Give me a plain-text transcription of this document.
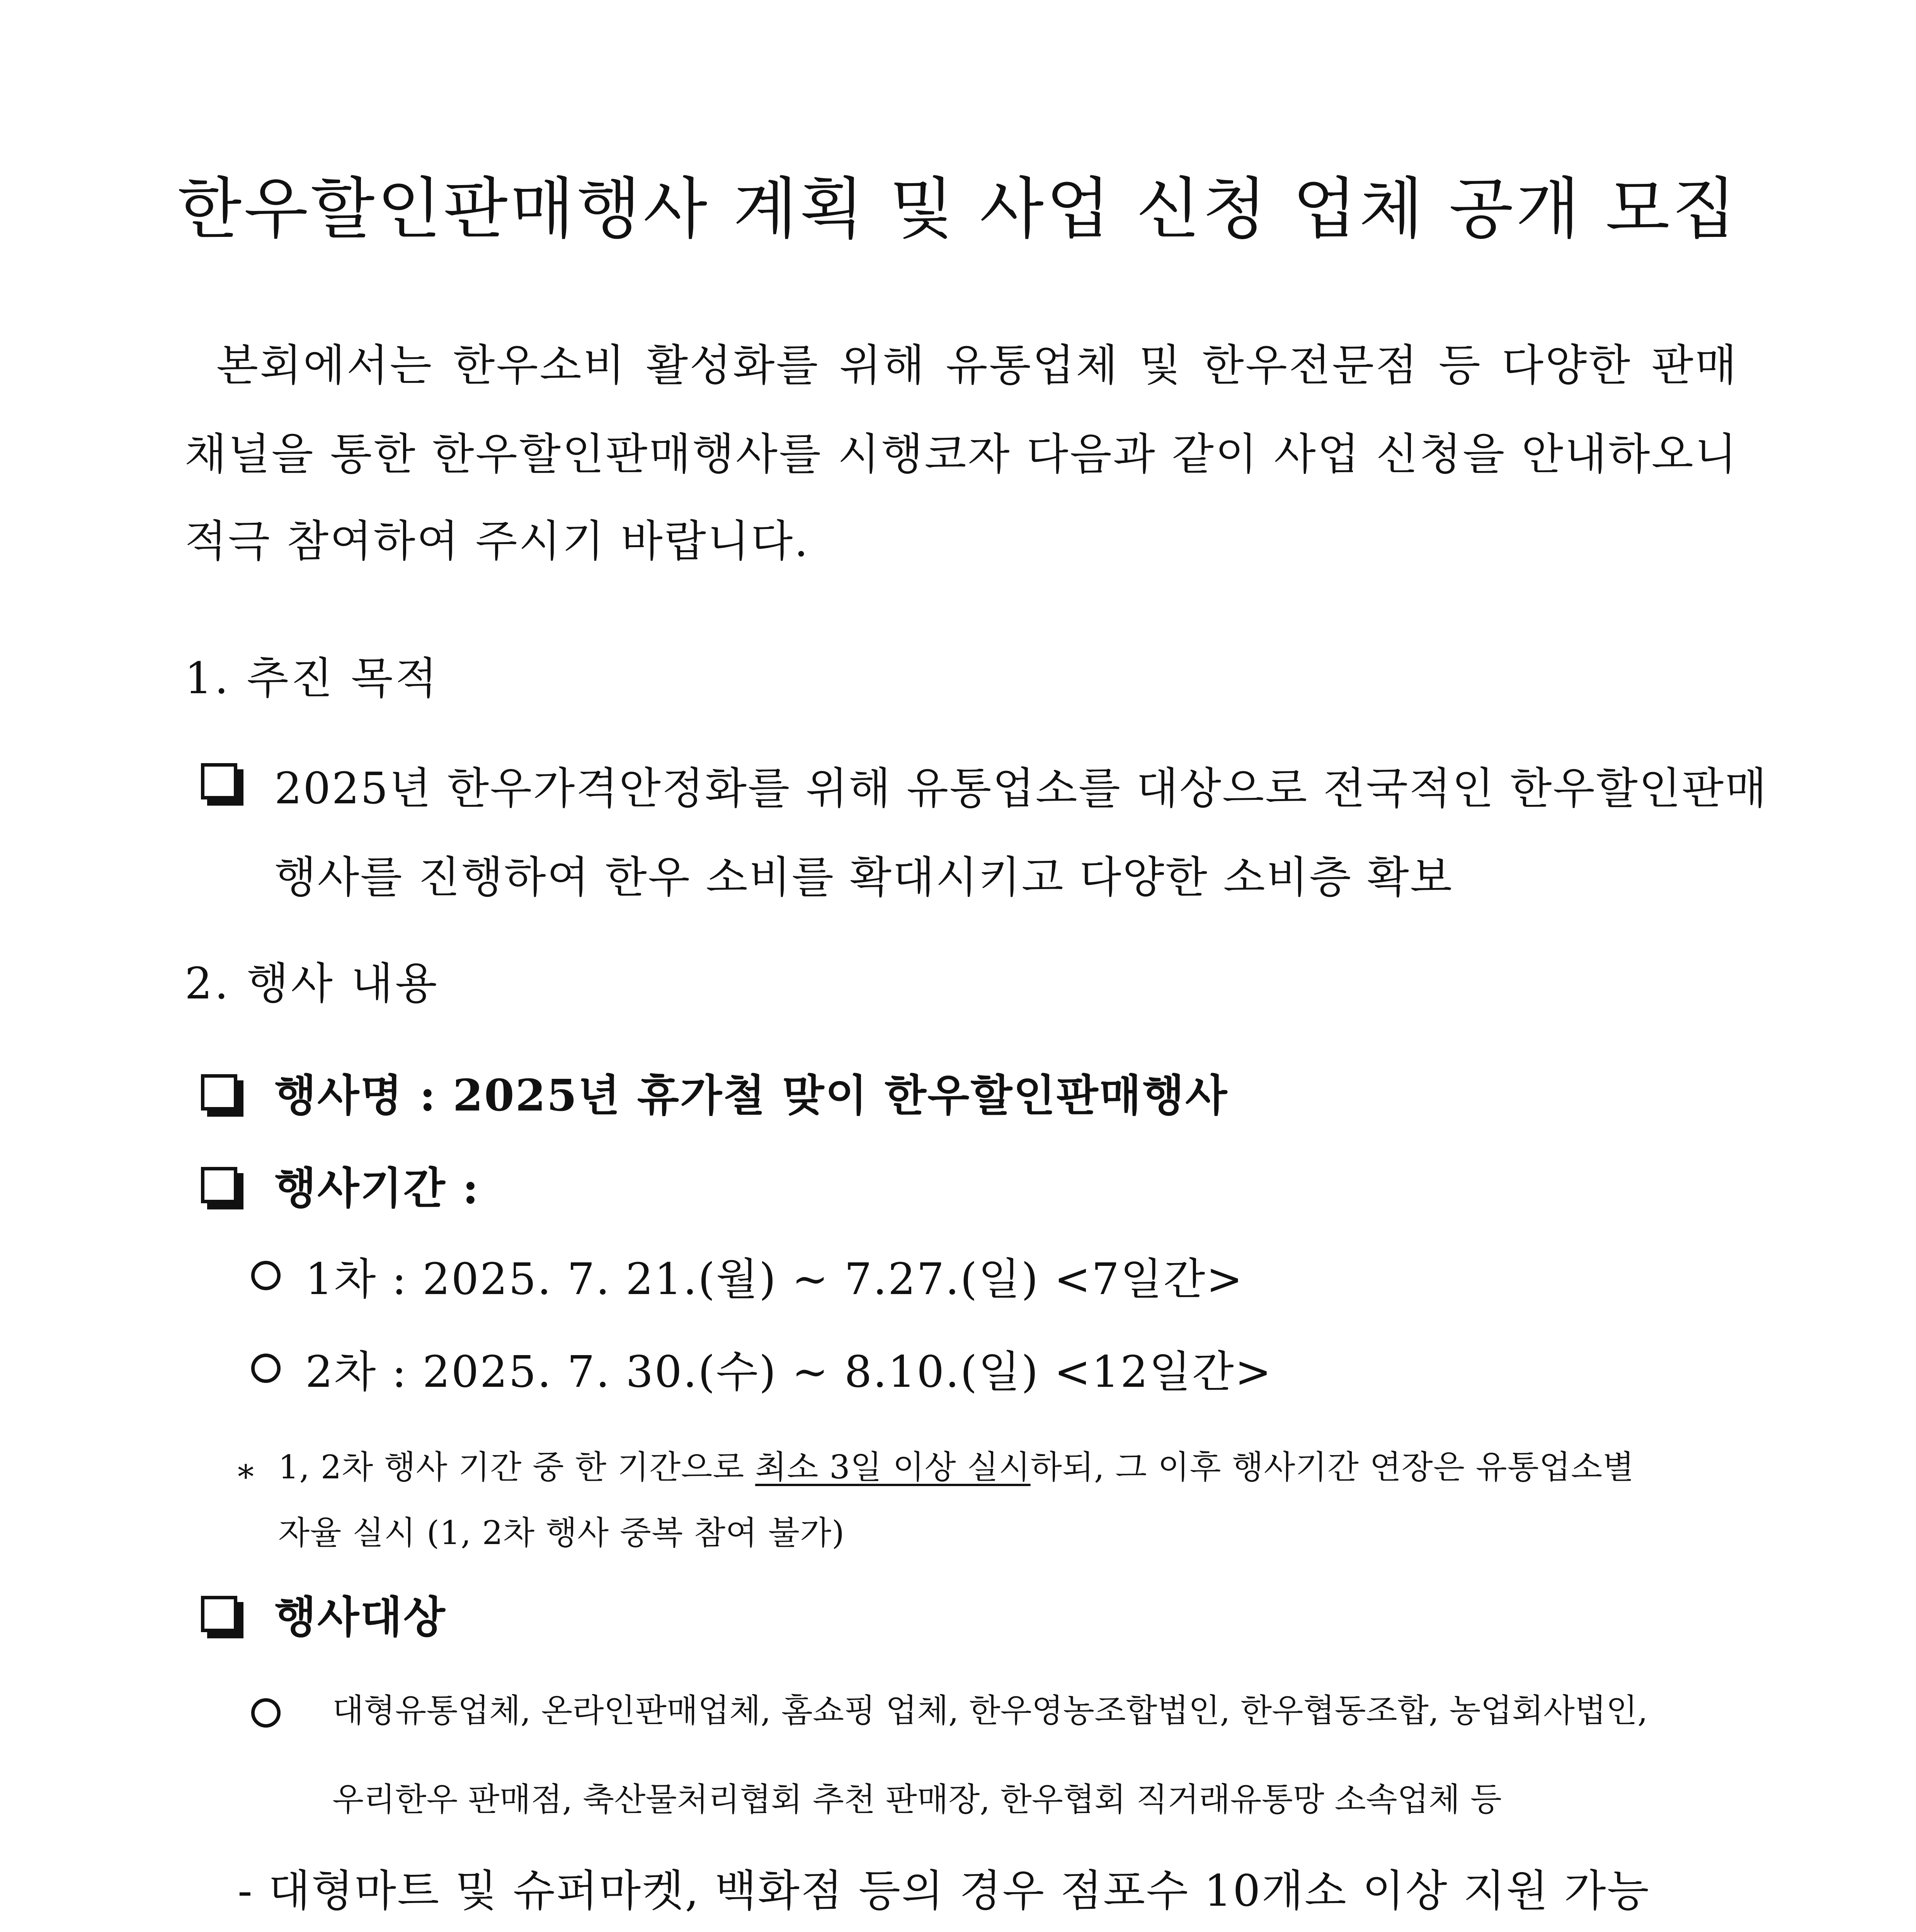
한우할인판매행사 계획 및 사업 신청 업체 공개 모집
본회에서는 한우소비 활성화를 위해 유통업체 및 한우전문점 등 다양한 판매
채널을 통한 한우할인판매행사를 시행코자 다음과 같이 사업 신청을 안내하오니
적극 참여하여 주시기 바랍니다.
1. 추진 목적
2025년 한우가격안정화를 위해 유통업소를 대상으로 전국적인 한우할인판매
행사를 진행하여 한우 소비를 확대시키고 다양한 소비층 확보
2. 행사 내용
행사명 : 2025년 휴가철 맞이 한우할인판매행사
행사기간 :
1차 : 2025. 7. 21.(월) ~ 7.27.(일) <7일간>
2차 : 2025. 7. 30.(수) ~ 8.10.(일) <12일간>
* 1, 2차 행사 기간 중 한 기간으로 최소 3일 이상 실시하되, 그 이후 행사기간 연장은 유통업소별
자율 실시 (1, 2차 행사 중복 참여 불가)
행사대상
대형유통업체, 온라인판매업체, 홈쇼핑 업체, 한우영농조합법인, 한우협동조합, 농업회사법인,
우리한우 판매점, 축산물처리협회 추천 판매장, 한우협회 직거래유통망 소속업체 등
- 대형마트 및 슈퍼마켓, 백화점 등의 경우 점포수 10개소 이상 지원 가능
